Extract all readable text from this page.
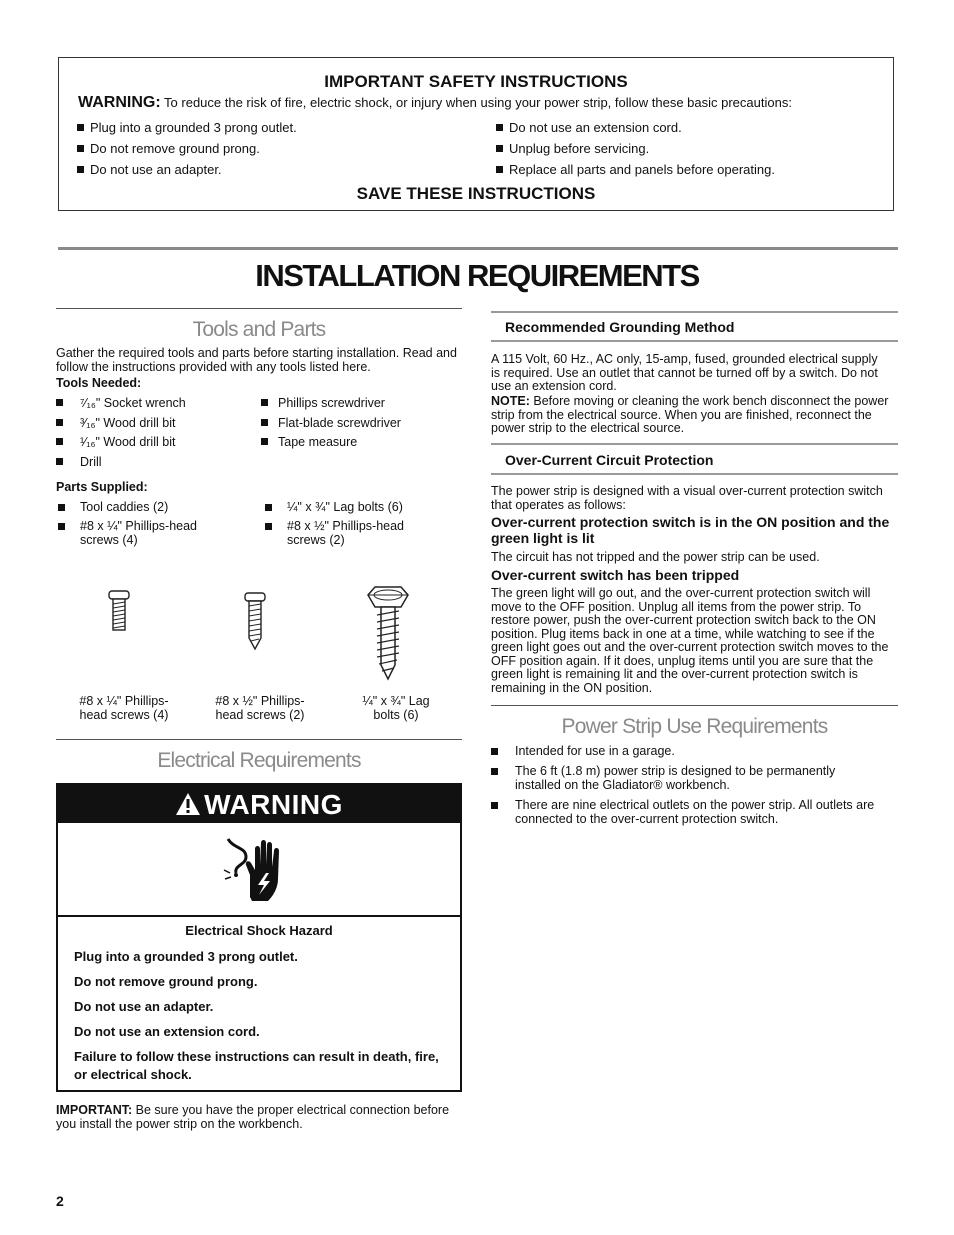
IMPORTANT SAFETY INSTRUCTIONS
WARNING: To reduce the risk of fire, electric shock, or injury when using your power strip, follow these basic precautions:
Plug into a grounded 3 prong outlet.
Do not remove ground prong.
Do not use an adapter.
Do not use an extension cord.
Unplug before servicing.
Replace all parts and panels before operating.
SAVE THESE INSTRUCTIONS
INSTALLATION REQUIREMENTS
Tools and Parts
Gather the required tools and parts before starting installation. Read and follow the instructions provided with any tools listed here.
Tools Needed:
⁷⁄₁₆" Socket wrench
³⁄₁₆" Wood drill bit
¹⁄₁₆" Wood drill bit
Drill
Phillips screwdriver
Flat-blade screwdriver
Tape measure
Parts Supplied:
Tool caddies (2)
#8 x ¼" Phillips-head screws (4)
¼" x ¾" Lag bolts (6)
#8 x ½" Phillips-head screws (2)
#8 x ¼" Phillips-head screws (4)
#8 x ½" Phillips-head screws (2)
¼" x ¾" Lag bolts (6)
Electrical Requirements
WARNING
Electrical Shock Hazard
Plug into a grounded 3 prong outlet.
Do not remove ground prong.
Do not use an adapter.
Do not use an extension cord.
Failure to follow these instructions can result in death, fire, or electrical shock.
IMPORTANT: Be sure you have the proper electrical connection before you install the power strip on the workbench.
Recommended Grounding Method
A 115 Volt, 60 Hz., AC only, 15-amp, fused, grounded electrical supply is required. Use an outlet that cannot be turned off by a switch. Do not use an extension cord.
NOTE: Before moving or cleaning the work bench disconnect the power strip from the electrical source. When you are finished, reconnect the power strip to the electrical source.
Over-Current Circuit Protection
The power strip is designed with a visual over-current protection switch that operates as follows:
Over-current protection switch is in the ON position and the green light is lit
The circuit has not tripped and the power strip can be used.
Over-current switch has been tripped
The green light will go out, and the over-current protection switch will move to the OFF position. Unplug all items from the power strip. To restore power, push the over-current protection switch back to the ON position. Plug items back in one at a time, while watching to see if the green light goes out and the over-current protection switch moves to the OFF position again. If it does, unplug items until you are sure that the green light is remaining lit and the over-current protection switch is remaining in the ON position.
Power Strip Use Requirements
Intended for use in a garage.
The 6 ft (1.8 m) power strip is designed to be permanently installed on the Gladiator® workbench.
There are nine electrical outlets on the power strip. All outlets are connected to the over-current protection switch.
2
